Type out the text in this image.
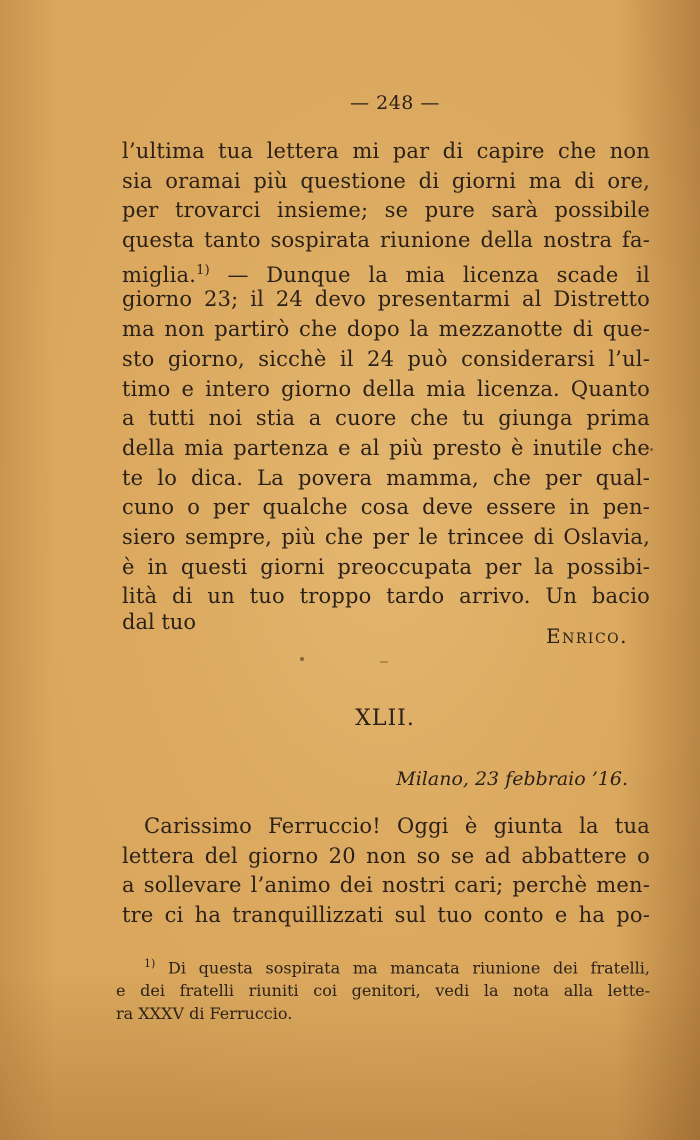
— 248 —
l’ultima tua lettera mi par di capire che non
sia oramai più questione di giorni ma di ore,
per trovarci insieme; se pure sarà possibile
questa tanto sospirata riunione della nostra fa-
miglia.$^{1)}$ — Dunque la mia licenza scade il
giorno 23; il 24 devo presentarmi al Distretto
ma non partirò che dopo la mezzanotte di que-
sto giorno, sicchè il 24 può considerarsi l’ul-
timo e intero giorno della mia licenza. Quanto
a tutti noi stia a cuore che tu giunga prima
della mia partenza e al più presto è inutile che
te lo dica. La povera mamma, che per qual-
cuno o per qualche cosa deve essere in pen-
siero sempre, più che per le trincee di Oslavia,
è in questi giorni preoccupata per la possibi-
lità di un tuo troppo tardo arrivo. Un bacio
dal tuo
Enrico.
XLII.
Milano, 23 febbraio ’16.
Carissimo Ferruccio! Oggi è giunta la tua
lettera del giorno 20 non so se ad abbattere o
a sollevare l’animo dei nostri cari; perchè men-
tre ci ha tranquillizzati sul tuo conto e ha po-
$^{1)}$ Di questa sospirata ma mancata riunione dei fratelli,
e dei fratelli riuniti coi genitori, vedi la nota alla lette-
ra XXXV di Ferruccio.
